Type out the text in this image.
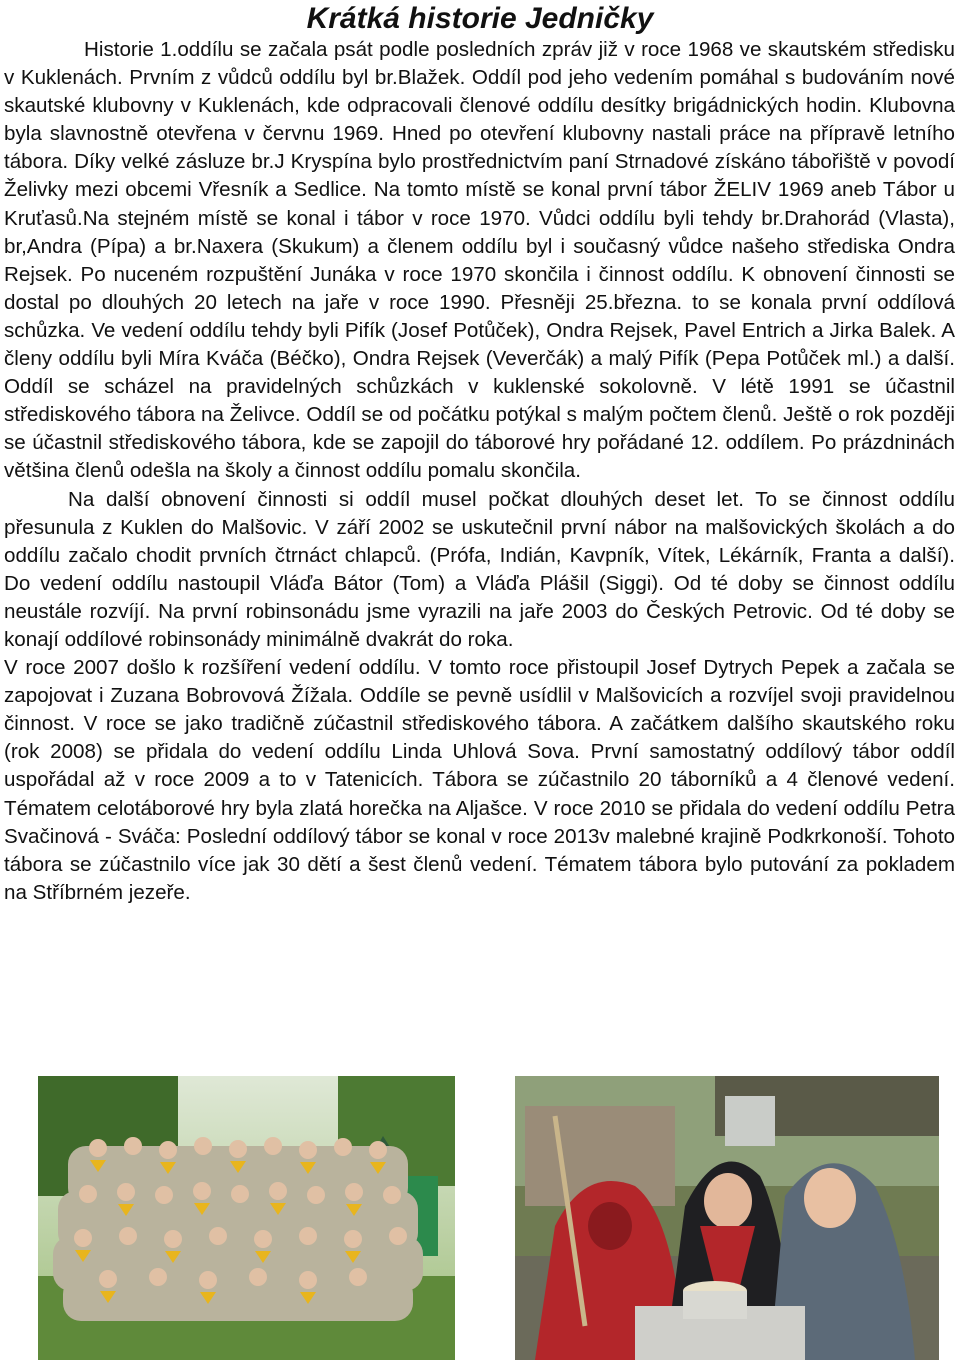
Krátká historie Jedničky

Historie 1.oddílu se začala psát podle posledních zpráv již v roce 1968 ve skautském středisku v Kuklenách. Prvním z vůdců oddílu byl br.Blažek. Oddíl pod jeho vedením pomáhal s budováním nové skautské klubovny v Kuklenách, kde odpracovali členové oddílu desítky brigádnických hodin. Klubovna byla slavnostně otevřena v červnu 1969. Hned po otevření klubovny nastali práce na přípravě letního tábora. Díky velké zásluze br.J Kryspína bylo prostřednictvím paní Strnadové získáno tábořiště v povodí Želivky mezi obcemi Vřesník a Sedlice. Na tomto místě se konal první tábor ŽELIV 1969 aneb Tábor u Kruťasů.Na stejném místě se konal i tábor v roce 1970. Vůdci oddílu byli tehdy br.Drahorád (Vlasta), br,Andra (Pípa) a br.Naxera (Skukum) a členem oddílu byl i současný vůdce našeho střediska Ondra Rejsek. Po nuceném rozpuštění Junáka v roce 1970 skončila i činnost oddílu. K obnovení činnosti se dostal po dlouhých 20 letech na jaře v roce 1990. Přesněji 25.března. to se konala první oddílová schůzka. Ve vedení oddílu tehdy byli Pifík (Josef Potůček), Ondra Rejsek, Pavel Entrich a Jirka Balek. A členy oddílu byli Míra Kváča (Béčko), Ondra Rejsek (Veverčák) a malý Pifík (Pepa Potůček ml.) a další. Oddíl se scházel na pravidelných schůzkách v kuklenské sokolovně. V létě 1991 se účastnil střediskového tábora na Želivce. Oddíl se od počátku potýkal s malým počtem členů. Ještě o rok později se účastnil střediskového tábora, kde se zapojil do táborové hry pořádané 12. oddílem. Po prázdninách většina členů odešla na školy a činnost oddílu pomalu skončila.

Na další obnovení činnosti si oddíl musel počkat dlouhých deset let. To se činnost oddílu přesunula z Kuklen do Malšovic. V září 2002 se uskutečnil první nábor na malšovických školách a do oddílu začalo chodit prvních čtrnáct chlapců. (Prófa, Indián, Kavpník, Vítek, Lékárník, Franta a další). Do vedení oddílu nastoupil Vláďa Bátor (Tom) a Vláďa Plášil (Siggi). Od té doby se činnost oddílu neustále rozvíjí. Na první robinsonádu jsme vyrazili na jaře 2003 do Českých Petrovic. Od té doby se konají oddílové robinsonády minimálně dvakrát do roka.

V roce 2007 došlo k rozšíření vedení oddílu. V tomto roce přistoupil Josef Dytrych Pepek a začala se zapojovat i Zuzana Bobrovová Žížala. Oddíle se pevně usídlil v Malšovicích a rozvíjel svoji pravidelnou činnost. V roce se jako tradičně zúčastnil střediskového tábora. A začátkem dalšího skautského roku (rok 2008) se přidala do vedení oddílu Linda Uhlová Sova. První samostatný oddílový tábor oddíl uspořádal až v roce 2009 a to v Tatenicích. Tábora se zúčastnilo 20 táborníků a 4 členové vedení. Tématem celotáborové hry byla zlatá horečka na Aljašce. V roce 2010 se přidala do vedení oddílu Petra Svačinová - Sváča: Poslední oddílový tábor se konal v roce 2013v malebné krajině Podkrkonoší. Tohoto tábora se zúčastnilo více jak 30 dětí a šest členů vedení. Tématem tábora bylo putování za pokladem na Stříbrném jezeře.
